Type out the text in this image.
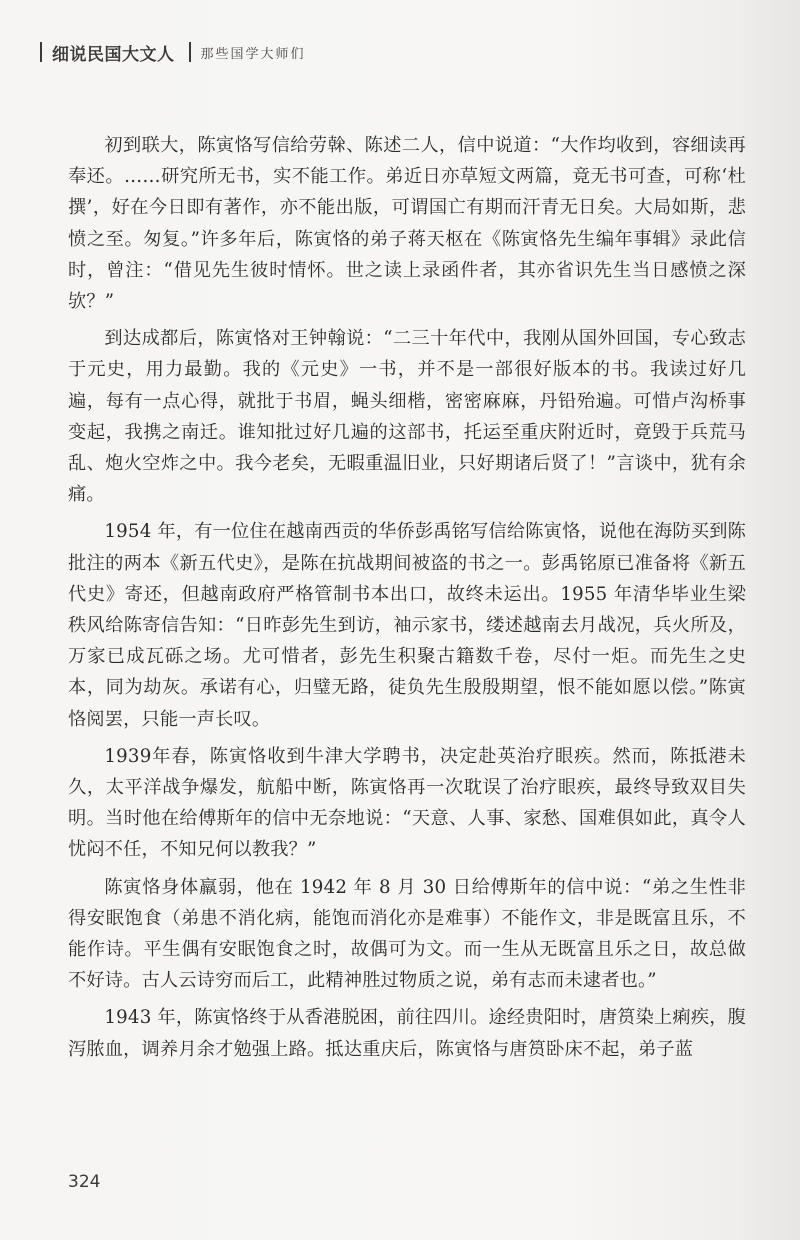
细说民国大文人 那些国学大师们

初到联大，陈寅恪写信给劳榦、陈述二人，信中说道：“大作均收到，容细读再奉还。……研究所无书，实不能工作。弟近日亦草短文两篇，竟无书可查，可称‘杜撰’，好在今日即有著作，亦不能出版，可谓国亡有期而汗青无日矣。大局如斯，悲愤之至。匆复。”许多年后，陈寅恪的弟子蒋天枢在《陈寅恪先生编年事辑》录此信时，曾注：“借见先生彼时情怀。世之读上录函件者，其亦省识先生当日感愤之深欤？”

到达成都后，陈寅恪对王钟翰说：“二三十年代中，我刚从国外回国，专心致志于元史，用力最勤。我的《元史》一书，并不是一部很好版本的书。我读过好几遍，每有一点心得，就批于书眉，蝇头细楷，密密麻麻，丹铅殆遍。可惜卢沟桥事变起，我携之南迁。谁知批过好几遍的这部书，托运至重庆附近时，竟毁于兵荒马乱、炮火空炸之中。我今老矣，无暇重温旧业，只好期诸后贤了！”言谈中，犹有余痛。

1954 年，有一位住在越南西贡的华侨彭禹铭写信给陈寅恪，说他在海防买到陈批注的两本《新五代史》，是陈在抗战期间被盗的书之一。彭禹铭原已准备将《新五代史》寄还，但越南政府严格管制书本出口，故终未运出。1955 年清华毕业生梁秩风给陈寄信告知：“日昨彭先生到访，袖示家书，缕述越南去月战况，兵火所及，万家已成瓦砾之场。尤可惜者，彭先生积聚古籍数千卷，尽付一炬。而先生之史本，同为劫灰。承诺有心，归璧无路，徒负先生殷殷期望，恨不能如愿以偿。”陈寅恪阅罢，只能一声长叹。

1939年春，陈寅恪收到牛津大学聘书，决定赴英治疗眼疾。然而，陈抵港未久，太平洋战争爆发，航船中断，陈寅恪再一次耽误了治疗眼疾，最终导致双目失明。当时他在给傅斯年的信中无奈地说：“天意、人事、家愁、国难俱如此，真令人忧闷不任，不知兄何以教我？”

陈寅恪身体羸弱，他在 1942 年 8 月 30 日给傅斯年的信中说：“弟之生性非得安眠饱食（弟患不消化病，能饱而消化亦是难事）不能作文，非是既富且乐，不能作诗。平生偶有安眠饱食之时，故偶可为文。而一生从无既富且乐之日，故总做不好诗。古人云诗穷而后工，此精神胜过物质之说，弟有志而未逮者也。”

1943 年，陈寅恪终于从香港脱困，前往四川。途经贵阳时，唐筼染上痢疾，腹泻脓血，调养月余才勉强上路。抵达重庆后，陈寅恪与唐筼卧床不起，弟子蓝

324
